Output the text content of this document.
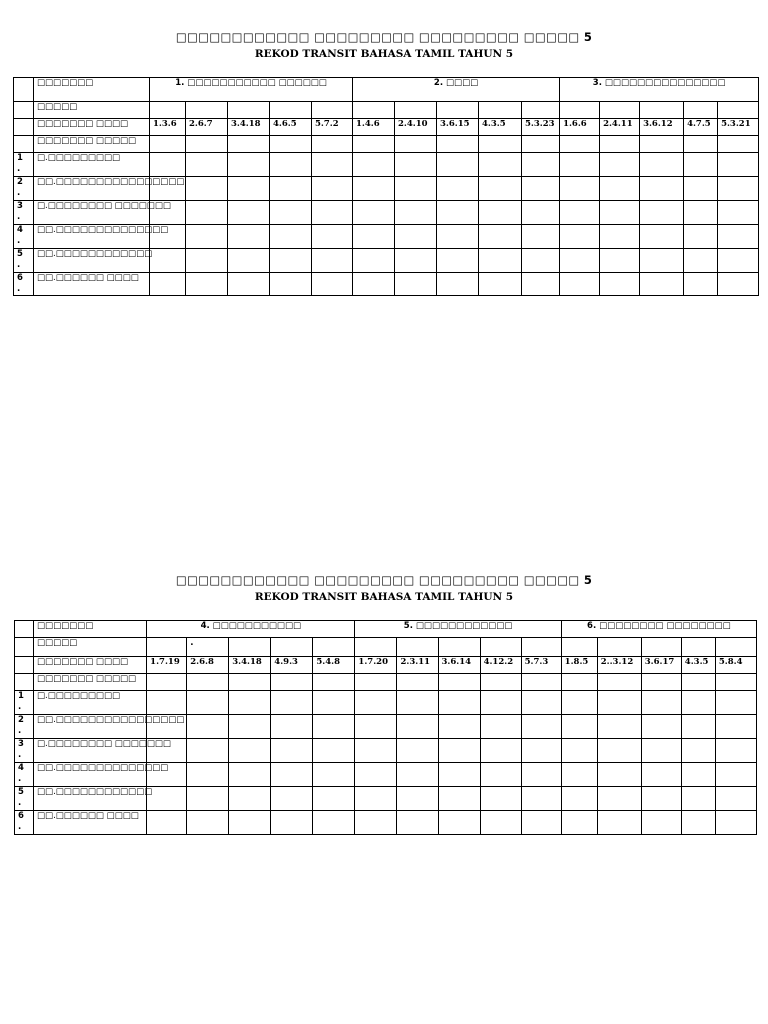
□□□□□□□□□□□□ □□□□□□□□□ □□□□□□□□□ □□□□□ 5
REKOD TRANSIT BAHASA TAMIL TAHUN 5
	□□□□□□□	1. □□□□□□□□□□□ □□□□□□					2. □□□□					3. □□□□□□□□□□□□□□□				
	□□□□□															
	□□□□□□□ □□□□	1.3.6	2.6.7	3.4.18	4.6.5	5.7.2	1.4.6	2.4.10	3.6.15	4.3.5	5.3.23	1.6.6	2.4.11	3.6.12	4.7.5	5.3.21
	□□□□□□□ □□□□□															
1
.	□.□□□□□□□□□															
2
.	□□.□□□□□□□□□□□□□□□□															
3
.	□.□□□□□□□□ □□□□□□□															
4
.	□□.□□□□□□□□□□□□□□															
5
.	□□.□□□□□□□□□□□□															
6
.	□□.□□□□□□ □□□□															
□□□□□□□□□□□□ □□□□□□□□□ □□□□□□□□□ □□□□□ 5
REKOD TRANSIT BAHASA TAMIL TAHUN 5
	□□□□□□□	4. □□□□□□□□□□□					5. □□□□□□□□□□□□					6. □□□□□□□□ □□□□□□□□				
	□□□□□		.													
	□□□□□□□ □□□□	1.7.19	2.6.8	3.4.18	4.9.3	5.4.8	1.7.20	2.3.11	3.6.14	4.12.2	5.7.3	1.8.5	2..3.12	3.6.17	4.3.5	5.8.4
	□□□□□□□ □□□□□															
1
.	□.□□□□□□□□□															
2
.	□□.□□□□□□□□□□□□□□□□															
3
.	□.□□□□□□□□ □□□□□□□															
4
.	□□.□□□□□□□□□□□□□□															
5
.	□□.□□□□□□□□□□□□															
6
.	□□.□□□□□□ □□□□															
